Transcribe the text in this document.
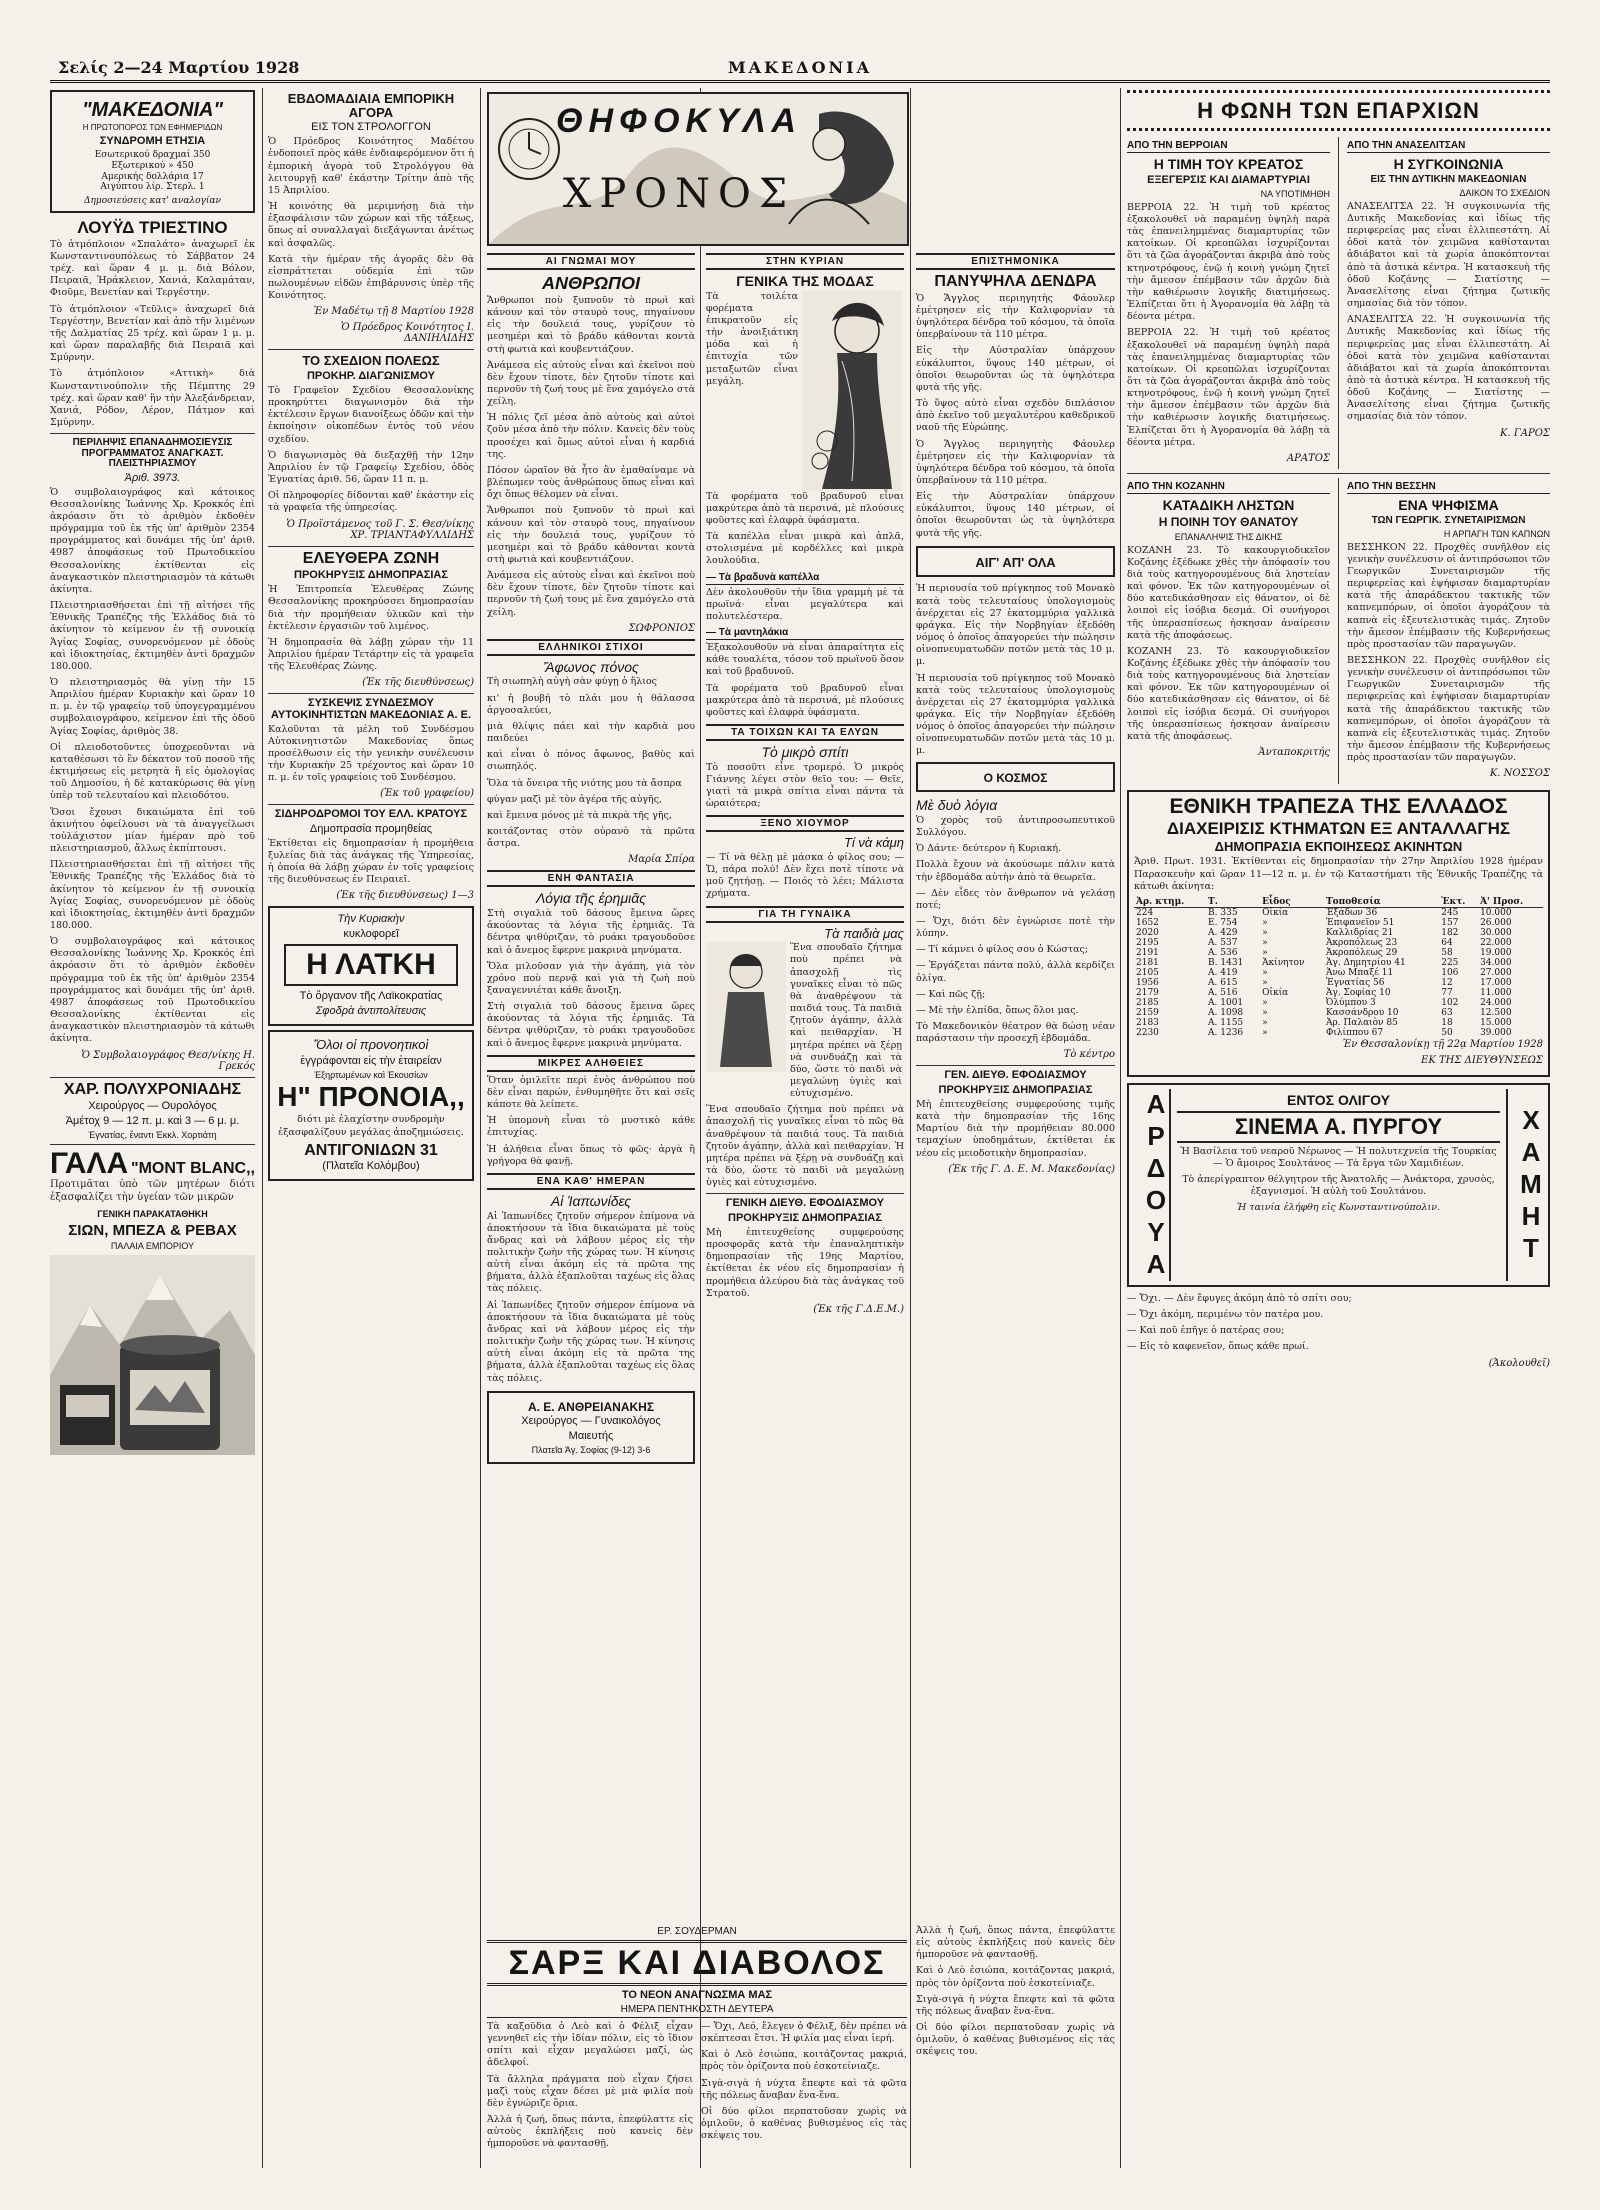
Σελίς 2—24 Μαρτίου 1928	ΜΑΚΕΔΟΝΙΑ
"ΜΑΚΕΔΟΝΙΑ"
Η ΠΡΩΤΟΠΟΡΟΣ ΤΩΝ ΕΦΗΜΕΡΙΔΩΝ
ΣΥΝΔΡΟΜΗ ΕΤΗΣΙΑ
Εσωτερικού δραχμαί 350
Εξωτερικού » 450
Αμερικής δολλάρια 17
Αιγύπτου λίρ. Στερλ. 1
Δημοσιεύσεις κατ' αναλογίαν
ΛΟΥΫΔ ΤΡΙΕΣΤΙΝΟ

Τὸ ἀτμόπλοιον «Σπαλάτο» ἀναχωρεῖ ἐκ Κωνσταντινουπόλεως τὸ Σάββατον 24 τρέχ. καὶ ὥραν 4 μ. μ. διὰ Βόλον, Πειραιᾶ, Ἡράκλειον, Χανιά, Καλαμάταν, Φιοῦμε, Βενετίαν καὶ Τεργέστην.

Τὸ ἀτμόπλοιον «Τεῦλις» ἀναχωρεῖ διὰ Τεργέστην, Βενετίαν καὶ ἀπὸ τῆν λιμένων τῆς Δαλματίας 25 τρέχ. καὶ ὥραν 1 μ. μ. καὶ ὥραν παραλαβῆς διὰ Πειραιᾶ καὶ Σμύρνην.

Τὸ ἀτμόπλοιον «Αττικὴ» διὰ Κωνσταντινούπολιν τῆς Πέμπτης 29 τρέχ. καὶ ὥραν καθ' ἣν τὴν Ἀλεξάνδρειαν, Χανιά, Ρόδον, Λέρον, Πάτμον καὶ Σμύρνην.

ΠΕΡΙΛΗΨΙΣ ΕΠΑΝΑΔΗΜΟΣΙΕΥΣΙΣ ΠΡΟΓΡΑΜΜΑΤΟΣ ΑΝΑΓΚΑΣΤ. ΠΛΕΙΣΤΗΡΙΑΣΜΟΥ
Ἀριθ. 3973.

Ὁ συμβολαιογράφος καὶ κάτοικος Θεσσαλονίκης Ἰωάννης Χρ. Κροκκός ἐπὶ ἀκρόασιν ὅτι τὸ ἀριθμὸν ἐκδοθὲν πρόγραμμα τοῦ ἐκ τῆς ὑπ' ἀριθμὸν 2354 προγράμματος καὶ δυνάμει τῆς ὑπ' ἀριθ. 4987 ἀποφάσεως τοῦ Πρωτοδικείου Θεσσαλονίκης ἐκτίθενται εἰς ἀναγκαστικὸν πλειστηριασμὸν τὰ κάτωθι ἀκίνητα.

Πλειστηριασθήσεται ἐπὶ τῇ αἰτήσει τῆς Ἐθνικῆς Τραπέζης τῆς Ἑλλάδος διὰ τὸ ἀκίνητον τὸ κείμενον ἐν τῇ συνοικίᾳ Ἁγίας Σοφίας, συνορευόμενον μὲ ὁδοὺς καὶ ἰδιοκτησίας, ἐκτιμηθὲν ἀντὶ δραχμῶν 180.000.

Ὁ πλειστηριασμὸς θὰ γίνῃ τὴν 15 Ἀπριλίου ἡμέραν Κυριακὴν καὶ ὥραν 10 π. μ. ἐν τῷ γραφείῳ τοῦ ὑπογεγραμμένου συμβολαιογράφου, κείμενον ἐπὶ τῆς ὁδοῦ Ἁγίας Σοφίας, ἀριθμὸς 38.

Οἱ πλειοδοτοῦντες ὑποχρεοῦνται νὰ καταθέσωσι τὸ ἓν δέκατον τοῦ ποσοῦ τῆς ἐκτιμήσεως εἰς μετρητὰ ἢ εἰς ὁμολογίας τοῦ Δημοσίου, ἡ δὲ κατακύρωσις θὰ γίνῃ ὑπὲρ τοῦ τελευταίου καὶ πλειοδότου.

Ὅσοι ἔχουσι δικαιώματα ἐπὶ τοῦ ἀκινήτου ὀφείλουσι νὰ τὰ ἀναγγείλωσι τοὐλάχιστον μίαν ἡμέραν πρὸ τοῦ πλειστηριασμοῦ, ἄλλως ἐκπίπτουσι.

Πλειστηριασθήσεται ἐπὶ τῇ αἰτήσει τῆς Ἐθνικῆς Τραπέζης τῆς Ἑλλάδος διὰ τὸ ἀκίνητον τὸ κείμενον ἐν τῇ συνοικίᾳ Ἁγίας Σοφίας, συνορευόμενον μὲ ὁδοὺς καὶ ἰδιοκτησίας, ἐκτιμηθὲν ἀντὶ δραχμῶν 180.000.

Ὁ συμβολαιογράφος καὶ κάτοικος Θεσσαλονίκης Ἰωάννης Χρ. Κροκκός ἐπὶ ἀκρόασιν ὅτι τὸ ἀριθμὸν ἐκδοθὲν πρόγραμμα τοῦ ἐκ τῆς ὑπ' ἀριθμὸν 2354 προγράμματος καὶ δυνάμει τῆς ὑπ' ἀριθ. 4987 ἀποφάσεως τοῦ Πρωτοδικείου Θεσσαλονίκης ἐκτίθενται εἰς ἀναγκαστικὸν πλειστηριασμὸν τὰ κάτωθι ἀκίνητα.

Ὁ Συμβολαιογράφος Θεσ/νίκης Η. Γρεκός
ΧΑΡ. ΠΟΛΥΧΡΟΝΙΑΔΗΣ
Χειρούργος — Ουρολόγος
Ἀμέτοχ 9 — 12 π. μ. καὶ 3 — 6 μ. μ.
Ἐγνατίας, ἔναντι Ἐκκλ. Χορτιάτη
ΓΑΛΑ "MONT BLANC,,

Προτιμᾶται ὑπὸ τῶν μητέρων διότι ἐξασφαλίζει τὴν ὑγείαν τῶν μικρῶν

ΓΕΝΙΚΗ ΠΑΡΑΚΑΤΑΘΗΚΗ
ΣΙΩΝ, ΜΠΕΖΑ & ΡΕΒΑΧ
ΠΑΛΑΙΑ ΕΜΠΟΡΙΟΥ
ΕΒΔΟΜΑΔΙΑΙΑ ΕΜΠΟΡΙΚΗ ΑΓΟΡΑ
ΕΙΣ ΤΟΝ ΣΤΡΟΛΟΓΓΟΝ

Ὁ Πρόεδρος Κοινότητος Μαδέτου ἐνδοποιεῖ πρὸς κάθε ἐνδιαφερόμενον ὅτι ἡ ἐμπορικὴ ἀγορὰ τοῦ Στρολόγγου θὰ λειτουργῇ καθ' ἑκάστην Τρίτην ἀπὸ τῆς 15 Ἀπριλίου.

Ἡ κοινότης θὰ μεριμνήσῃ διὰ τὴν ἐξασφάλισιν τῶν χώρων καὶ τῆς τάξεως, ὅπως αἱ συναλλαγαὶ διεξάγωνται ἀνέτως καὶ ἀσφαλῶς.

Κατὰ τὴν ἡμέραν τῆς ἀγορᾶς δὲν θὰ εἰσπράττεται οὐδεμία ἐπὶ τῶν πωλουμένων εἰδῶν ἐπιβάρυνσις ὑπὲρ τῆς Κοινότητος.

Ἐν Μαδέτῳ τῇ 8 Μαρτίου 1928
Ὁ Πρόεδρος Κοινότητος Ι. ΔΑΝΙΗΛΙΔΗΣ
ΤΟ ΣΧΕΔΙΟΝ ΠΟΛΕΩΣ
ΠΡΟΚΗΡ. ΔΙΑΓΩΝΙΣΜΟΥ

Τὸ Γραφεῖον Σχεδίου Θεσσαλονίκης προκηρύττει διαγωνισμὸν διὰ τὴν ἐκτέλεσιν ἔργων διανοίξεως ὁδῶν καὶ τὴν ἐκποίησιν οἰκοπέδων ἐντὸς τοῦ νέου σχεδίου.

Ὁ διαγωνισμὸς θὰ διεξαχθῇ τὴν 12ην Ἀπριλίου ἐν τῷ Γραφείῳ Σχεδίου, ὁδὸς Ἐγνατίας ἀριθ. 56, ὥραν 11 π. μ.

Οἱ πληροφορίες δίδονται καθ' ἑκάστην εἰς τὰ γραφεῖα τῆς ὑπηρεσίας.

Ὁ Προϊστάμενος τοῦ Γ. Σ. Θεσ/νίκης ΧΡ. ΤΡΙΑΝΤΑΦΥΛΛΙΔΗΣ
ΕΛΕΥΘΕΡΑ ΖΩΝΗ
ΠΡΟΚΗΡΥΞΙΣ ΔΗΜΟΠΡΑΣΙΑΣ

Ἡ Ἐπιτροπεία Ἐλευθέρας Ζώνης Θεσσαλονίκης προκηρύσσει δημοπρασίαν διὰ τὴν προμήθειαν ὑλικῶν καὶ τὴν ἐκτέλεσιν ἐργασιῶν τοῦ λιμένος.

Ἡ δημοπρασία θὰ λάβῃ χώραν τὴν 11 Ἀπριλίου ἡμέραν Τετάρτην εἰς τὰ γραφεῖα τῆς Ἐλευθέρας Ζώνης.

(Ἐκ τῆς διευθύνσεως)
ΣΥΣΚΕΨΙΣ ΣΥΝΔΕΣΜΟΥ ΑΥΤΟΚΙΝΗΤΙΣΤΩΝ ΜΑΚΕΔΟΝΙΑΣ Α. Ε.

Καλοῦνται τὰ μέλη τοῦ Συνδέσμου Αὐτοκινητιστῶν Μακεδονίας ὅπως προσέλθωσιν εἰς τὴν γενικὴν συνέλευσιν τὴν Κυριακὴν 25 τρέχοντος καὶ ὥραν 10 π. μ. ἐν τοῖς γραφείοις τοῦ Συνδέσμου.

(Ἐκ τοῦ γραφείου)
ΣΙΔΗΡΟΔΡΟΜΟΙ ΤΟΥ ΕΛΛ. ΚΡΑΤΟΥΣ
Δημοπρασία προμηθείας

Ἐκτίθεται εἰς δημοπρασίαν ἡ προμήθεια ξυλείας διὰ τὰς ἀνάγκας τῆς Ὑπηρεσίας, ἡ ὁποία θὰ λάβῃ χώραν ἐν τοῖς γραφείοις τῆς διευθύνσεως ἐν Πειραιεῖ.

(Ἐκ τῆς διευθύνσεως) 1—3
Τὴν Κυριακὴν
κυκλοφορεῖ
Η ΛΑΤΚΗ
Τὸ ὄργανον τῆς Λαϊκοκρατίας
Σφοδρὰ ἀντιπολίτευσις
Ὅλοι οἱ προνοητικοὶ
ἐγγράφονται εἰς τὴν ἐταιρείαν
Ἐξηρτωμένων καὶ Ἐκουσίων
Η" ΠΡΟΝΟΙΑ,,

διότι μὲ ἐλαχίστην συνδρομὴν ἐξασφαλίζουν μεγάλας ἀποζημιώσεις.

ΑΝΤΙΓΟΝΙΔΩΝ 31
(Πλατεῖα Κολόμβου)
ΘΗΦΟΚΥΛΑ
ΧΡΟΝΟΣ
ΑΙ ΓΝΩΜΑΙ ΜΟΥ
ΑΝΘΡΩΠΟΙ

Ἄνθρωποι ποὺ ξυπνοῦν τὸ πρωὶ καὶ κάνουν καὶ τὸν σταυρὸ τους, πηγαίνουν εἰς τὴν δουλειά τους, γυρίζουν τὸ μεσημέρι καὶ τὸ βράδυ κάθονται κοντὰ στὴ φωτιὰ καὶ κουβεντιάζουν.

Ἀνάμεσα εἰς αὐτοὺς εἶναι καὶ ἐκεῖνοι ποὺ δὲν ἔχουν τίποτε, δὲν ζητοῦν τίποτε καὶ περνοῦν τὴ ζωή τους μὲ ἕνα χαμόγελο στὰ χείλη.

Ἡ πόλις ζεῖ μέσα ἀπὸ αὐτοὺς καὶ αὐτοὶ ζοῦν μέσα ἀπὸ τὴν πόλιν. Κανεὶς δὲν τοὺς προσέχει καὶ ὅμως αὐτοὶ εἶναι ἡ καρδιά της.

Πόσον ὡραῖον θὰ ἦτο ἂν ἐμαθαίναμε νὰ βλέπωμεν τοὺς ἀνθρώπους ὅπως εἶναι καὶ ὄχι ὅπως θέλομεν νὰ εἶναι.

Ἄνθρωποι ποὺ ξυπνοῦν τὸ πρωὶ καὶ κάνουν καὶ τὸν σταυρὸ τους, πηγαίνουν εἰς τὴν δουλειά τους, γυρίζουν τὸ μεσημέρι καὶ τὸ βράδυ κάθονται κοντὰ στὴ φωτιὰ καὶ κουβεντιάζουν.

Ἀνάμεσα εἰς αὐτοὺς εἶναι καὶ ἐκεῖνοι ποὺ δὲν ἔχουν τίποτε, δὲν ζητοῦν τίποτε καὶ περνοῦν τὴ ζωή τους μὲ ἕνα χαμόγελο στὰ χείλη.

ΣΩΦΡΟΝΙΟΣ
ΕΛΛΗΝΙΚΟΙ ΣΤΙΧΟΙ
Ἄφωνος πόνος
Τὴ σιωπηλὴ αὐγὴ σὰν φύγῃ ὁ ἥλιος
κι' ἡ βουβή τὸ πλάι μου ἡ θάλασσα ἀργοσαλεύει,
μιὰ θλίψις πάει καὶ τὴν καρδιὰ μου παιδεύει
καὶ εἶναι ὁ πόνος ἄφωνος, βαθὺς καὶ σιωπηλός.
Ὅλα τὰ ὄνειρα τῆς νιότης μου τὰ ἄσπρα
φύγαν μαζὶ μὲ τὸν ἀγέρα τῆς αὐγῆς,
καὶ ἔμεινα μόνος μὲ τὰ πικρὰ τῆς γῆς,
κοιτάζοντας στὸν οὐρανὸ τὰ πρῶτα ἄστρα.
Μαρία Σπίρα
ΕΝΗ ΦΑΝΤΑΣΙΑ
Λόγια τῆς ἐρημιᾶς

Στὴ σιγαλιὰ τοῦ δάσους ἔμεινα ὥρες ἀκούοντας τὰ λόγια τῆς ἐρημιᾶς. Τὰ δέντρα ψιθύριζαν, τὸ ρυάκι τραγουδοῦσε καὶ ὁ ἄνεμος ἔφερνε μακρινὰ μηνύματα.

Ὅλα μιλοῦσαν γιὰ τὴν ἀγάπη, γιὰ τὸν χρόνο ποὺ περνᾷ καὶ γιὰ τὴ ζωὴ ποὺ ξαναγεννιέται κάθε ἄνοιξη.

Στὴ σιγαλιὰ τοῦ δάσους ἔμεινα ὥρες ἀκούοντας τὰ λόγια τῆς ἐρημιᾶς. Τὰ δέντρα ψιθύριζαν, τὸ ρυάκι τραγουδοῦσε καὶ ὁ ἄνεμος ἔφερνε μακρινὰ μηνύματα.

ΜΙΚΡΕΣ ΑΛΗΘΕΙΕΣ

Ὅταν ὁμιλεῖτε περὶ ἑνὸς ἀνθρώπου ποὺ δὲν εἶναι παρών, ἐνθυμηθῆτε ὅτι καὶ σεῖς κάποτε θὰ λείπετε.

Ἡ ὑπομονὴ εἶναι τὸ μυστικὸ κάθε ἐπιτυχίας.

Ἡ ἀλήθεια εἶναι ὅπως τὸ φῶς· ἀργὰ ἢ γρήγορα θὰ φανῇ.

ΕΝΑ ΚΑΘ' ΗΜΕΡΑΝ
Αἱ Ἰαπωνίδες

Αἱ Ἰαπωνίδες ζητοῦν σήμερον ἐπίμονα νὰ ἀποκτήσουν τὰ ἴδια δικαιώματα μὲ τοὺς ἄνδρας καὶ νὰ λάβουν μέρος εἰς τὴν πολιτικὴν ζωὴν τῆς χώρας των. Ἡ κίνησις αὐτὴ εἶναι ἀκόμη εἰς τὰ πρῶτα της βήματα, ἀλλὰ ἐξαπλοῦται ταχέως εἰς ὅλας τὰς πόλεις.

Αἱ Ἰαπωνίδες ζητοῦν σήμερον ἐπίμονα νὰ ἀποκτήσουν τὰ ἴδια δικαιώματα μὲ τοὺς ἄνδρας καὶ νὰ λάβουν μέρος εἰς τὴν πολιτικὴν ζωὴν τῆς χώρας των. Ἡ κίνησις αὐτὴ εἶναι ἀκόμη εἰς τὰ πρῶτα της βήματα, ἀλλὰ ἐξαπλοῦται ταχέως εἰς ὅλας τὰς πόλεις.

Α. Ε. ΑΝΘΡΕΙΑΝΑΚΗΣ
Χειρούργος — Γυναικολόγος
Μαιευτής
Πλατεῖα Ἁγ. Σοφίας (9-12) 3-6
ΣΤΗΝ ΚΥΡΙΑΝ
ΓΕΝΙΚΑ ΤΗΣ ΜΟΔΑΣ

Τὰ τοιλέτα φορέματα ἐπικρατοῦν εἰς τὴν ἀνοιξιάτικη μόδα καὶ ἡ ἐπιτυχία τῶν μεταξωτῶν εἶναι μεγάλη.

Τὰ φορέματα τοῦ βραδυνοῦ εἶναι μακρύτερα ἀπὸ τὰ περσινά, μὲ πλούσιες φοῦστες καὶ ἐλαφρὰ ὑφάσματα.

Τὰ καπέλλα εἶναι μικρὰ καὶ ἁπλᾶ, στολισμένα μὲ κορδέλλες καὶ μικρὰ λουλούδια.

— Τὰ βραδυνὰ καπέλλα

Δὲν ἀκολουθοῦν τὴν ἴδια γραμμὴ μὲ τὰ πρωϊνά· εἶναι μεγαλύτερα καὶ πολυτελέστερα.

— Τὰ μαντηλάκια

Ἐξακολουθοῦν νὰ εἶναι ἀπαραίτητα εἰς κάθε τουαλέτα, τόσον τοῦ πρωϊνοῦ ὅσον καὶ τοῦ βραδυνοῦ.

Τὰ φορέματα τοῦ βραδυνοῦ εἶναι μακρύτερα ἀπὸ τὰ περσινά, μὲ πλούσιες φοῦστες καὶ ἐλαφρὰ ὑφάσματα.

ΤΑ ΤΟΙΧΩΝ ΚΑΙ ΤΑ ΕΛΥΩΝ
Τὸ μικρὸ σπίτι

Τὸ ποσοῦτι εἶνε τρομερό. Ὁ μικρὸς Γιάννης λέγει στὸν θεῖο του: — Θεῖε, γιατὶ τὰ μικρὰ σπίτια εἶναι πάντα τὰ ὡραιότερα;

ΞΕΝΟ ΧΙΟΥΜΟΡ
Τί νὰ κάμη

— Τί νὰ θέλῃ μὲ μάσκα ὁ φίλος σου; — Ὤ, πάρα πολύ! Δὲν ἔχει ποτὲ τίποτε νὰ μοῦ ζητήσῃ. — Ποιός τὸ λέει; Μάλιστα χρήματα.

ΓΙΑ ΤΗ ΓΥΝΑΙΚΑ
Τὰ παιδιὰ μας

Ἕνα σπουδαῖο ζήτημα ποὺ πρέπει νὰ ἀπασχολῇ τὶς γυναῖκες εἶναι τὸ πῶς θὰ ἀναθρέψουν τὰ παιδιά τους. Τὰ παιδιὰ ζητοῦν ἀγάπην, ἀλλὰ καὶ πειθαρχίαν. Ἡ μητέρα πρέπει νὰ ξέρῃ νὰ συνδυάζῃ καὶ τὰ δύο, ὥστε τὸ παιδὶ νὰ μεγαλώνῃ ὑγιὲς καὶ εὐτυχισμένο.

Ἕνα σπουδαῖο ζήτημα ποὺ πρέπει νὰ ἀπασχολῇ τὶς γυναῖκες εἶναι τὸ πῶς θὰ ἀναθρέψουν τὰ παιδιά τους. Τὰ παιδιὰ ζητοῦν ἀγάπην, ἀλλὰ καὶ πειθαρχίαν. Ἡ μητέρα πρέπει νὰ ξέρῃ νὰ συνδυάζῃ καὶ τὰ δύο, ὥστε τὸ παιδὶ νὰ μεγαλώνῃ ὑγιὲς καὶ εὐτυχισμένο.

ΓΕΝΙΚΗ ΔΙΕΥΘ. ΕΦΟΔΙΑΣΜΟΥ
ΠΡΟΚΗΡΥΞΙΣ ΔΗΜΟΠΡΑΣΙΑΣ

Μὴ ἐπιτευχθείσης συμφερούσης προσφορᾶς κατὰ τὴν ἐπαναληπτικὴν δημοπρασίαν τῆς 19ης Μαρτίου, ἐκτίθεται ἐκ νέου εἰς δημοπρασίαν ἡ προμήθεια ἀλεύρου διὰ τὰς ἀνάγκας τοῦ Στρατοῦ.

(Ἐκ τῆς Γ.Δ.Ε.Μ.)
ΕΠΙΣΤΗΜΟΝΙΚΑ
ΠΑΝΥΨΗΛΑ ΔΕΝΔΡΑ

Ὁ Ἄγγλος περιηγητὴς Φάουλερ ἐμέτρησεν εἰς τὴν Καλιφορνίαν τὰ ὑψηλότερα δένδρα τοῦ κόσμου, τὰ ὁποῖα ὑπερβαίνουν τὰ 110 μέτρα.

Εἰς τὴν Αὐστραλίαν ὑπάρχουν εὐκάλυπτοι, ὕψους 140 μέτρων, οἱ ὁποῖοι θεωροῦνται ὡς τὰ ὑψηλότερα φυτὰ τῆς γῆς.

Τὸ ὕψος αὐτὸ εἶναι σχεδὸν διπλάσιον ἀπὸ ἐκεῖνο τοῦ μεγαλυτέρου καθεδρικοῦ ναοῦ τῆς Εὐρώπης.

Ὁ Ἄγγλος περιηγητὴς Φάουλερ ἐμέτρησεν εἰς τὴν Καλιφορνίαν τὰ ὑψηλότερα δένδρα τοῦ κόσμου, τὰ ὁποῖα ὑπερβαίνουν τὰ 110 μέτρα.

Εἰς τὴν Αὐστραλίαν ὑπάρχουν εὐκάλυπτοι, ὕψους 140 μέτρων, οἱ ὁποῖοι θεωροῦνται ὡς τὰ ὑψηλότερα φυτὰ τῆς γῆς.

ΑΙΓ' ΑΠ' ΟΛΑ

Ἡ περιουσία τοῦ πρίγκηπος τοῦ Μονακὸ κατὰ τοὺς τελευταίους ὑπολογισμοὺς ἀνέρχεται εἰς 27 ἑκατομμύρια γαλλικὰ φράγκα. Εἰς τὴν Νορβηγίαν ἐξεδόθη νόμος ὁ ὁποῖος ἀπαγορεύει τὴν πώλησιν οἰνοπνευματωδῶν ποτῶν μετὰ τὰς 10 μ. μ.

Ἡ περιουσία τοῦ πρίγκηπος τοῦ Μονακὸ κατὰ τοὺς τελευταίους ὑπολογισμοὺς ἀνέρχεται εἰς 27 ἑκατομμύρια γαλλικὰ φράγκα. Εἰς τὴν Νορβηγίαν ἐξεδόθη νόμος ὁ ὁποῖος ἀπαγορεύει τὴν πώλησιν οἰνοπνευματωδῶν ποτῶν μετὰ τὰς 10 μ. μ.

Ο ΚΟΣΜΟΣ
Μὲ δυὸ λόγια

Ὁ χορὸς τοῦ ἀντιπροσωπευτικοῦ Συλλόγου.

Ὁ Δάντε· δεύτερον ἡ Κυριακή.

Πολλὰ ἔχουν νὰ ἀκούσωμε πάλιν κατὰ τὴν ἑβδομάδα αὐτὴν ἀπὸ τὰ θεωρεῖα.

— Δὲν εἶδες τὸν ἄνθρωπον νὰ γελάσῃ ποτέ;

— Ὄχι, διότι δὲν ἐγνώρισε ποτὲ τὴν λύπην.

— Τί κάμνει ὁ φίλος σου ὁ Κώστας;

— Ἐργάζεται πάντα πολύ, ἀλλὰ κερδίζει ὀλίγα.

— Καὶ πῶς ζῇ;

— Μὲ τὴν ἐλπίδα, ὅπως ὅλοι μας.

Τὸ Μακεδονικὸν θέατρον θὰ δώσῃ νέαν παράστασιν τὴν προσεχῆ ἑβδομάδα.

Τὸ κέντρο
ΓΕΝ. ΔΙΕΥΘ. ΕΦΟΔΙΑΣΜΟΥ
ΠΡΟΚΗΡΥΞΙΣ ΔΗΜΟΠΡΑΣΙΑΣ

Μὴ ἐπιτευχθείσης συμφερούσης τιμῆς κατὰ τὴν δημοπρασίαν τῆς 16ης Μαρτίου διὰ τὴν προμήθειαν 80.000 τεμαχίων ὑποδημάτων, ἐκτίθεται ἐκ νέου εἰς μειοδοτικὴν δημοπρασίαν.

(Ἐκ τῆς Γ. Δ. Ε. Μ. Μακεδονίας)
Η ΦΩΝΗ ΤΩΝ ΕΠΑΡΧΙΩΝ
ΑΠΟ ΤΗΝ ΒΕΡΡΟΙΑΝ
Η ΤΙΜΗ ΤΟΥ ΚΡΕΑΤΟΣ
ΕΞΕΓΕΡΣΙΣ ΚΑΙ ΔΙΑΜΑΡΤΥΡΙΑΙ
ΝΑ ΥΠΟΤΙΜΗΘΗ

ΒΕΡΡΟΙΑ 22. Ἡ τιμὴ τοῦ κρέατος ἐξακολουθεῖ νὰ παραμένῃ ὑψηλὴ παρὰ τὰς ἐπανειλημμένας διαμαρτυρίας τῶν κατοίκων. Οἱ κρεοπῶλαι ἰσχυρίζονται ὅτι τὰ ζῶα ἀγοράζονται ἀκριβὰ ἀπὸ τοὺς κτηνοτρόφους, ἐνῷ ἡ κοινὴ γνώμη ζητεῖ τὴν ἄμεσον ἐπέμβασιν τῶν ἀρχῶν διὰ τὴν καθιέρωσιν λογικῆς διατιμήσεως. Ἐλπίζεται ὅτι ἡ Ἀγορανομία θὰ λάβῃ τὰ δέοντα μέτρα.

ΒΕΡΡΟΙΑ 22. Ἡ τιμὴ τοῦ κρέατος ἐξακολουθεῖ νὰ παραμένῃ ὑψηλὴ παρὰ τὰς ἐπανειλημμένας διαμαρτυρίας τῶν κατοίκων. Οἱ κρεοπῶλαι ἰσχυρίζονται ὅτι τὰ ζῶα ἀγοράζονται ἀκριβὰ ἀπὸ τοὺς κτηνοτρόφους, ἐνῷ ἡ κοινὴ γνώμη ζητεῖ τὴν ἄμεσον ἐπέμβασιν τῶν ἀρχῶν διὰ τὴν καθιέρωσιν λογικῆς διατιμήσεως. Ἐλπίζεται ὅτι ἡ Ἀγορανομία θὰ λάβῃ τὰ δέοντα μέτρα.

ΑΡΑΤΟΣ
ΑΠΟ ΤΗΝ ΑΝΑΣΕΛΙΤΣΑΝ
Η ΣΥΓΚΟΙΝΩΝΙΑ
ΕΙΣ ΤΗΝ ΔΥΤΙΚΗΝ ΜΑΚΕΔΟΝΙΑΝ
ΔΑΙΚΟΝ ΤΟ ΣΧΕΔΙΟΝ

ΑΝΑΣΕΛΙΤΣΑ 22. Ἡ συγκοινωνία τῆς Δυτικῆς Μακεδονίας καὶ ἰδίως τῆς περιφερείας μας εἶναι ἐλλιπεστάτη. Αἱ ὁδοὶ κατὰ τὸν χειμῶνα καθίστανται ἀδιάβατοι καὶ τὰ χωρία ἀποκόπτονται ἀπὸ τὰ ἀστικὰ κέντρα. Ἡ κατασκευὴ τῆς ὁδοῦ Κοζάνης — Σιατίστης — Ἀνασελίτσης εἶναι ζήτημα ζωτικῆς σημασίας διὰ τὸν τόπον.

ΑΝΑΣΕΛΙΤΣΑ 22. Ἡ συγκοινωνία τῆς Δυτικῆς Μακεδονίας καὶ ἰδίως τῆς περιφερείας μας εἶναι ἐλλιπεστάτη. Αἱ ὁδοὶ κατὰ τὸν χειμῶνα καθίστανται ἀδιάβατοι καὶ τὰ χωρία ἀποκόπτονται ἀπὸ τὰ ἀστικὰ κέντρα. Ἡ κατασκευὴ τῆς ὁδοῦ Κοζάνης — Σιατίστης — Ἀνασελίτσης εἶναι ζήτημα ζωτικῆς σημασίας διὰ τὸν τόπον.

Κ. ΓΑΡΟΣ
ΑΠΟ ΤΗΝ ΚΟΖΑΝΗΝ
ΚΑΤΑΔΙΚΗ ΛΗΣΤΩΝ
Η ΠΟΙΝΗ ΤΟΥ ΘΑΝΑΤΟΥ
ΕΠΑΝΑΛΗΨΙΣ ΤΗΣ ΔΙΚΗΣ

ΚΟΖΑΝΗ 23. Τὸ κακουργιοδικεῖον Κοζάνης ἐξέδωκε χθὲς τὴν ἀπόφασίν του διὰ τοὺς κατηγορουμένους διὰ ληστείαν καὶ φόνον. Ἐκ τῶν κατηγορουμένων οἱ δύο κατεδικάσθησαν εἰς θάνατον, οἱ δὲ λοιποὶ εἰς ἰσόβια δεσμά. Οἱ συνήγοροι τῆς ὑπερασπίσεως ἠσκησαν ἀναίρεσιν κατὰ τῆς ἀποφάσεως.

ΚΟΖΑΝΗ 23. Τὸ κακουργιοδικεῖον Κοζάνης ἐξέδωκε χθὲς τὴν ἀπόφασίν του διὰ τοὺς κατηγορουμένους διὰ ληστείαν καὶ φόνον. Ἐκ τῶν κατηγορουμένων οἱ δύο κατεδικάσθησαν εἰς θάνατον, οἱ δὲ λοιποὶ εἰς ἰσόβια δεσμά. Οἱ συνήγοροι τῆς ὑπερασπίσεως ἠσκησαν ἀναίρεσιν κατὰ τῆς ἀποφάσεως.

Ἀνταποκριτής
ΑΠΟ ΤΗΝ ΒΕΣΣΗΝ
ΕΝΑ ΨΗΦΙΣΜΑ
ΤΩΝ ΓΕΩΡΓΙΚ. ΣΥΝΕΤΑΙΡΙΣΜΩΝ
Η ΑΡΠΑΓΗ ΤΩΝ ΚΑΠΝΩΝ

ΒΕΣΣΗΚΟΝ 22. Προχθὲς συνῆλθον εἰς γενικὴν συνέλευσιν οἱ ἀντιπρόσωποι τῶν Γεωργικῶν Συνεταιρισμῶν τῆς περιφερείας καὶ ἐψήφισαν διαμαρτυρίαν κατὰ τῆς ἀπαράδεκτου τακτικῆς τῶν καπνεμπόρων, οἱ ὁποῖοι ἀγοράζουν τὰ καπνὰ εἰς ἐξευτελιστικὰς τιμάς. Ζητοῦν τὴν ἄμεσον ἐπέμβασιν τῆς Κυβερνήσεως πρὸς προστασίαν τῶν παραγωγῶν.

ΒΕΣΣΗΚΟΝ 22. Προχθὲς συνῆλθον εἰς γενικὴν συνέλευσιν οἱ ἀντιπρόσωποι τῶν Γεωργικῶν Συνεταιρισμῶν τῆς περιφερείας καὶ ἐψήφισαν διαμαρτυρίαν κατὰ τῆς ἀπαράδεκτου τακτικῆς τῶν καπνεμπόρων, οἱ ὁποῖοι ἀγοράζουν τὰ καπνὰ εἰς ἐξευτελιστικὰς τιμάς. Ζητοῦν τὴν ἄμεσον ἐπέμβασιν τῆς Κυβερνήσεως πρὸς προστασίαν τῶν παραγωγῶν.

Κ. ΝΟΣΣΟΣ
ΕΘΝΙΚΗ ΤΡΑΠΕΖΑ ΤΗΣ ΕΛΛΑΔΟΣ
ΔΙΑΧΕΙΡΙΣΙΣ ΚΤΗΜΑΤΩΝ ΕΞ ΑΝΤΑΛΛΑΓΗΣ
ΔΗΜΟΠΡΑΣΙΑ ΕΚΠΟΙΗΣΕΩΣ ΑΚΙΝΗΤΩΝ

Ἀριθ. Πρωτ. 1931. Ἐκτίθενται εἰς δημοπρασίαν τὴν 27ην Ἀπριλίου 1928 ἡμέραν Παρασκευὴν καὶ ὥραν 11—12 π. μ. ἐν τῷ Καταστήματι τῆς Ἐθνικῆς Τραπέζης τὰ κάτωθι ἀκίνητα:

Ἀρ. κτημ.	Τ.	Εἶδος	Τοποθεσία	Ἐκτ.	Ἀ' Προσ.
224	Β. 335	Οἰκία	Ἐξάδων 36	245	10.000
1652	Ε. 754	»	Ἐπιφανεῖον 51	157	26.000
2020	Α. 429	»	Καλλιδρίας 21	182	30.000
2195	Α. 537	»	Ἀκροπόλεως 23	64	22.000
2191	Α. 536	»	Ἀκροπόλεως 29	58	19.000
2181	Β. 1431	Ἀκίνητον	Ἀγ. Δημητρίου 41	225	34.000
2105	Α. 419	»	Ἀνω Μπαξέ 11	106	27.000
1956	Α. 615	»	Ἐγνατίας 56	12	17.000
2179	Α. 516	Οἰκία	Ἀγ. Σοφίας 10	77	11.000
2185	Α. 1001	»	Ὀλύμπου 3	102	24.000
2159	Α. 1098	»	Κασσάνδρου 10	63	12.500
2183	Α. 1155	»	Ἀρ. Παλαιὸν 85	18	15.000
2230	Α. 1236	»	Φιλίππου 67	50	39.000
Ἐν Θεσσαλονίκῃ τῇ 22ᾳ Μαρτίου 1928
ΕΚ ΤΗΣ ΔΙΕΥΘΥΝΣΕΩΣ
ΑΡΔΟΥΑ	ΕΝΤΟΣ ΟΛΙΓΟΥ
ΣΙΝΕΜΑ Α. ΠΥΡΓΟΥ

Ἡ Βασίλεια τοῦ νεαροῦ Νέρωνος — Ἡ πολυτεχνεία τῆς Τουρκίας — Ὁ ἄμοιρος Σουλτάνος — Τὰ ἔργα τῶν Χαμιδιέων.

Τὸ ἀπερίγραπτον θέλγητρον τῆς Ἀνατολῆς — Ἀνάκτορα, χρυσὸς, ἐξαγνισμοί. Ἡ αὐλὴ τοῦ Σουλτάνου.

Ἡ ταινία ἐλήφθη εἰς Κωνσταντινούπολιν.	ΧΑΜΗΤ

— Ὄχι. — Δὲν ἔφυγες ἀκόμη ἀπὸ τὸ σπίτι σου;

— Ὄχι ἀκόμη, περιμένω τὸν πατέρα μου.

— Καὶ ποῦ ἐπῆγε ὁ πατέρας σου;

— Εἰς τὸ καφενεῖον, ὅπως κάθε πρωί.

(Ἀκολουθεῖ)
ΕΡ. ΣΟΥΔΕΡΜΑΝ
ΣΑΡΞ ΚΑΙ ΔΙΑΒΟΛΟΣ
ΤΟ ΝΕΟΝ ΑΝΑΓΝΩΣΜΑ ΜΑΣ
ΗΜΕΡΑ ΠΕΝΤΗΚΟΣΤΗ ΔΕΥΤΕΡΑ

Τὰ καξοῦδια ὁ Λεὸ καὶ ὁ Φέλιξ εἶχαν γεννηθεῖ εἰς τὴν ἰδίαν πόλιν, εἰς τὸ ἴδιον σπίτι καὶ εἶχαν μεγαλώσει μαζί, ὡς ἀδελφοί.

Τὰ ἄλληλα πράγματα ποὺ εἶχαν ζήσει μαζὶ τοὺς εἶχαν δέσει μὲ μιὰ φιλία ποὺ δὲν ἐγνώριζε ὅρια.

Ἀλλὰ ἡ ζωή, ὅπως πάντα, ἐπεφύλαττε εἰς αὐτοὺς ἐκπλήξεις ποὺ κανεὶς δὲν ἠμποροῦσε νὰ φαντασθῇ.

— Ὄχι, Λεό, ἔλεγεν ὁ Φέλιξ, δὲν πρέπει νὰ σκέπτεσαι ἔτσι. Ἡ φιλία μας εἶναι ἱερή.

Καὶ ὁ Λεὸ ἐσιώπα, κοιτάζοντας μακριά, πρὸς τὸν ὁρίζοντα ποὺ ἐσκοτείνιαζε.

Σιγὰ-σιγὰ ἡ νύχτα ἔπεφτε καὶ τὰ φῶτα τῆς πόλεως ἄναβαν ἕνα-ἕνα.

Οἱ δύο φίλοι περπατοῦσαν χωρὶς νὰ ὁμιλοῦν, ὁ καθένας βυθισμένος εἰς τὰς σκέψεις του.

Ἀλλὰ ἡ ζωή, ὅπως πάντα, ἐπεφύλαττε εἰς αὐτοὺς ἐκπλήξεις ποὺ κανεὶς δὲν ἠμποροῦσε νὰ φαντασθῇ.

Καὶ ὁ Λεὸ ἐσιώπα, κοιτάζοντας μακριά, πρὸς τὸν ὁρίζοντα ποὺ ἐσκοτείνιαζε.

Σιγὰ-σιγὰ ἡ νύχτα ἔπεφτε καὶ τὰ φῶτα τῆς πόλεως ἄναβαν ἕνα-ἕνα.

Οἱ δύο φίλοι περπατοῦσαν χωρὶς νὰ ὁμιλοῦν, ὁ καθένας βυθισμένος εἰς τὰς σκέψεις του.
